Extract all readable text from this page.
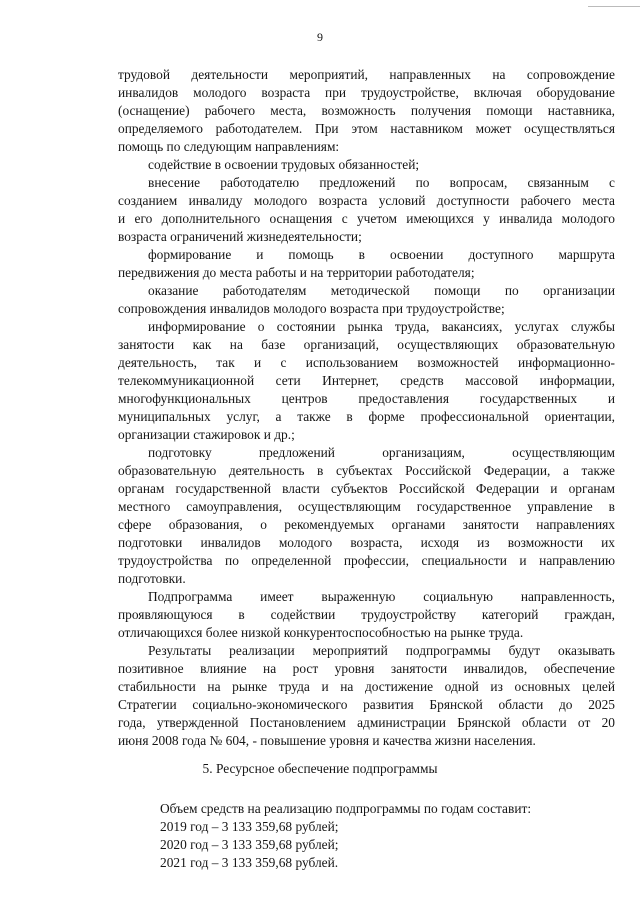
9
трудовой деятельности мероприятий, направленных на сопровождение
инвалидов молодого возраста при трудоустройстве, включая оборудование
(оснащение) рабочего места, возможность получения помощи наставника,
определяемого работодателем. При этом наставником может осуществляться
помощь по следующим направлениям:
содействие в освоении трудовых обязанностей;
внесение работодателю предложений по вопросам, связанным с
созданием инвалиду молодого возраста условий доступности рабочего места
и его дополнительного оснащения с учетом имеющихся у инвалида молодого
возраста ограничений жизнедеятельности;
формирование и помощь в освоении доступного маршрута
передвижения до места работы и на территории работодателя;
оказание работодателям методической помощи по организации
сопровождения инвалидов молодого возраста при трудоустройстве;
информирование о состоянии рынка труда, вакансиях, услугах службы
занятости как на базе организаций, осуществляющих образовательную
деятельность, так и с использованием возможностей информационно-
телекоммуникационной сети Интернет, средств массовой информации,
многофункциональных центров предоставления государственных и
муниципальных услуг, а также в форме профессиональной ориентации,
организации стажировок и др.;
подготовку предложений организациям, осуществляющим
образовательную деятельность в субъектах Российской Федерации, а также
органам государственной власти субъектов Российской Федерации и органам
местного самоуправления, осуществляющим государственное управление в
сфере образования, о рекомендуемых органами занятости направлениях
подготовки инвалидов молодого возраста, исходя из возможности их
трудоустройства по определенной профессии, специальности и направлению
подготовки.
Подпрограмма имеет выраженную социальную направленность,
проявляющуюся в содействии трудоустройству категорий граждан,
отличающихся более низкой конкурентоспособностью на рынке труда.
Результаты реализации мероприятий подпрограммы будут оказывать
позитивное влияние на рост уровня занятости инвалидов, обеспечение
стабильности на рынке труда и на достижение одной из основных целей
Стратегии социально-экономического развития Брянской области до 2025
года, утвержденной Постановлением администрации Брянской области от 20
июня 2008 года № 604, - повышение уровня и качества жизни населения.
5. Ресурсное обеспечение подпрограммы
Объем средств на реализацию подпрограммы по годам составит:
2019 год – 3 133 359,68 рублей;
2020 год – 3 133 359,68 рублей;
2021 год – 3 133 359,68 рублей.
